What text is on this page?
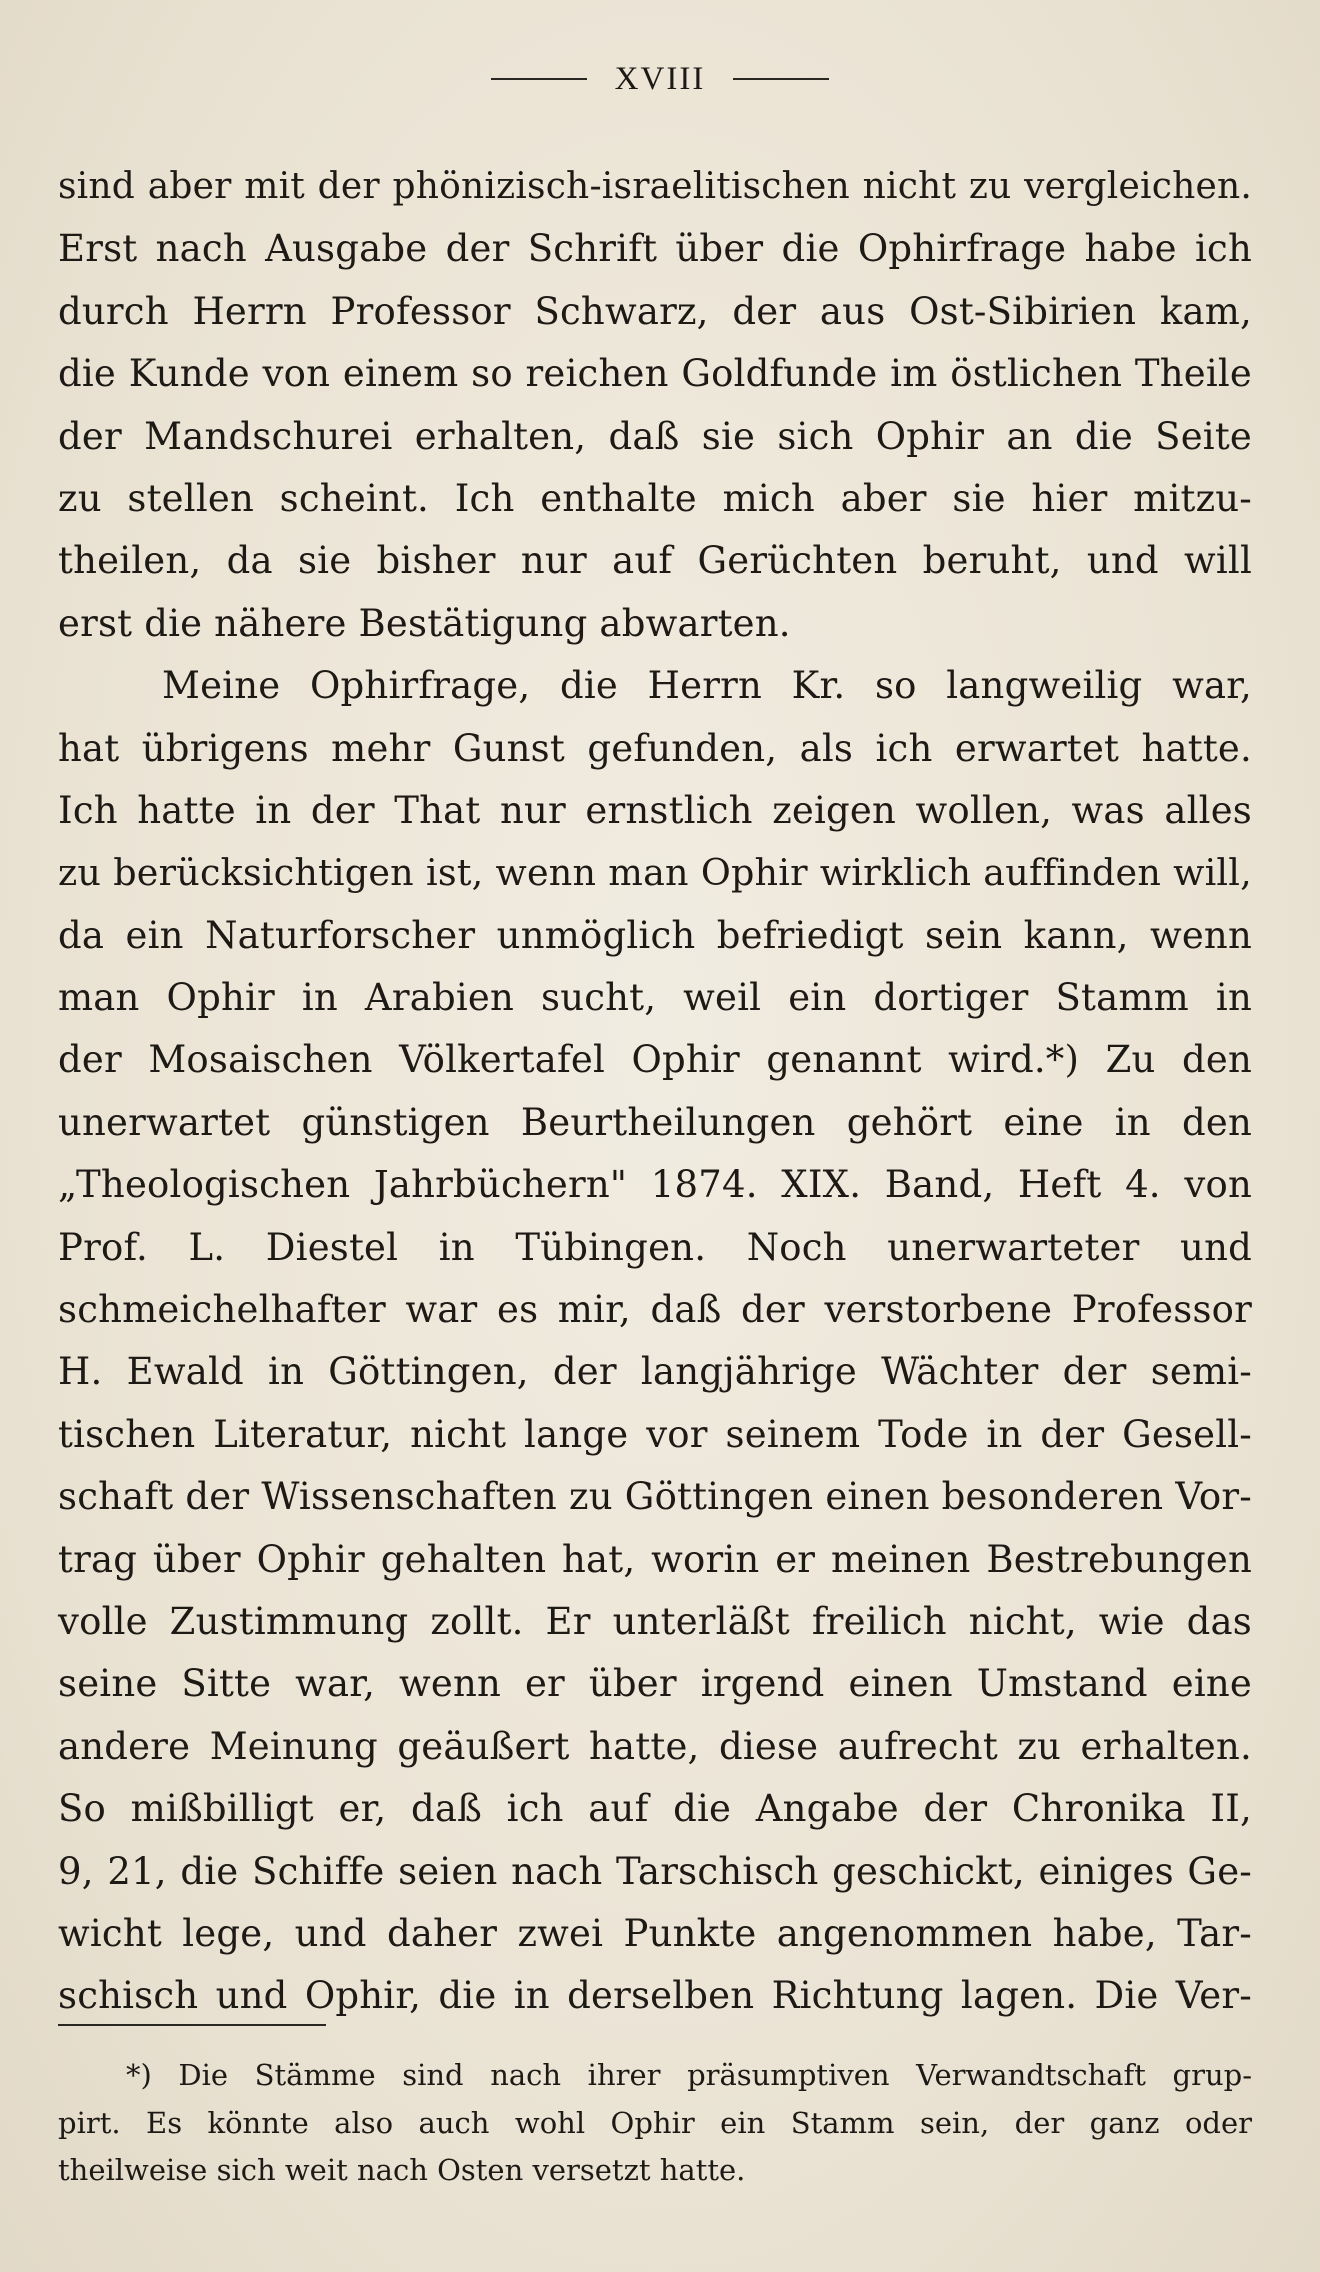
XVIII
sind aber mit der phönizisch-israelitischen nicht zu vergleichen.
Erst nach Ausgabe der Schrift über die Ophirfrage habe ich
durch Herrn Professor Schwarz, der aus Ost-Sibirien kam,
die Kunde von einem so reichen Goldfunde im östlichen Theile
der Mandschurei erhalten, daß sie sich Ophir an die Seite
zu stellen scheint. Ich enthalte mich aber sie hier mitzu-
theilen, da sie bisher nur auf Gerüchten beruht, und will
erst die nähere Bestätigung abwarten.
Meine Ophirfrage, die Herrn Kr. so langweilig war,
hat übrigens mehr Gunst gefunden, als ich erwartet hatte.
Ich hatte in der That nur ernstlich zeigen wollen, was alles
zu berücksichtigen ist, wenn man Ophir wirklich auffinden will,
da ein Naturforscher unmöglich befriedigt sein kann, wenn
man Ophir in Arabien sucht, weil ein dortiger Stamm in
der Mosaischen Völkertafel Ophir genannt wird.*) Zu den
unerwartet günstigen Beurtheilungen gehört eine in den
„Theologischen Jahrbüchern" 1874. XIX. Band, Heft 4. von
Prof. L. Diestel in Tübingen. Noch unerwarteter und
schmeichelhafter war es mir, daß der verstorbene Professor
H. Ewald in Göttingen, der langjährige Wächter der semi-
tischen Literatur, nicht lange vor seinem Tode in der Gesell-
schaft der Wissenschaften zu Göttingen einen besonderen Vor-
trag über Ophir gehalten hat, worin er meinen Bestrebungen
volle Zustimmung zollt. Er unterläßt freilich nicht, wie das
seine Sitte war, wenn er über irgend einen Umstand eine
andere Meinung geäußert hatte, diese aufrecht zu erhalten.
So mißbilligt er, daß ich auf die Angabe der Chronika II,
9, 21, die Schiffe seien nach Tarschisch geschickt, einiges Ge-
wicht lege, und daher zwei Punkte angenommen habe, Tar-
schisch und Ophir, die in derselben Richtung lagen. Die Ver-
*) Die Stämme sind nach ihrer präsumptiven Verwandtschaft grup-
pirt. Es könnte also auch wohl Ophir ein Stamm sein, der ganz oder
theilweise sich weit nach Osten versetzt hatte.
